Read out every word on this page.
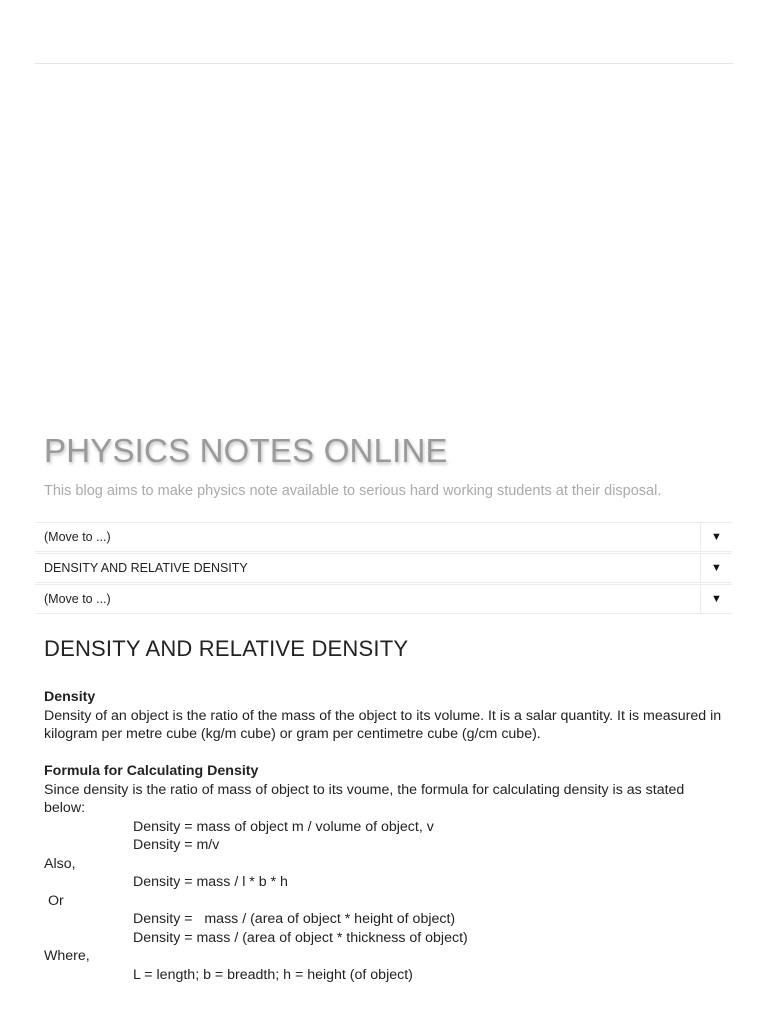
PHYSICS NOTES ONLINE

This blog aims to make physics note available to serious hard working students at their disposal.

(Move to ...)	▼
DENSITY AND RELATIVE DENSITY	▼
(Move to ...)	▼
DENSITY AND RELATIVE DENSITY
Density
Density of an object is the ratio of the mass of the object to its volume. It is a salar quantity. It is measured in kilogram per metre cube (kg/m cube) or gram per centimetre cube (g/cm cube).
Formula for Calculating Density
Since density is the ratio of mass of object to its voume, the formula for calculating density is as stated below:
Density = mass of object m / volume of object, v
Density = m/v
Also,
Density = mass / l * b * h
Or
Density =   mass / (area of object * height of object)
Density = mass / (area of object * thickness of object)
Where,
L = length; b = breadth; h = height (of object)
